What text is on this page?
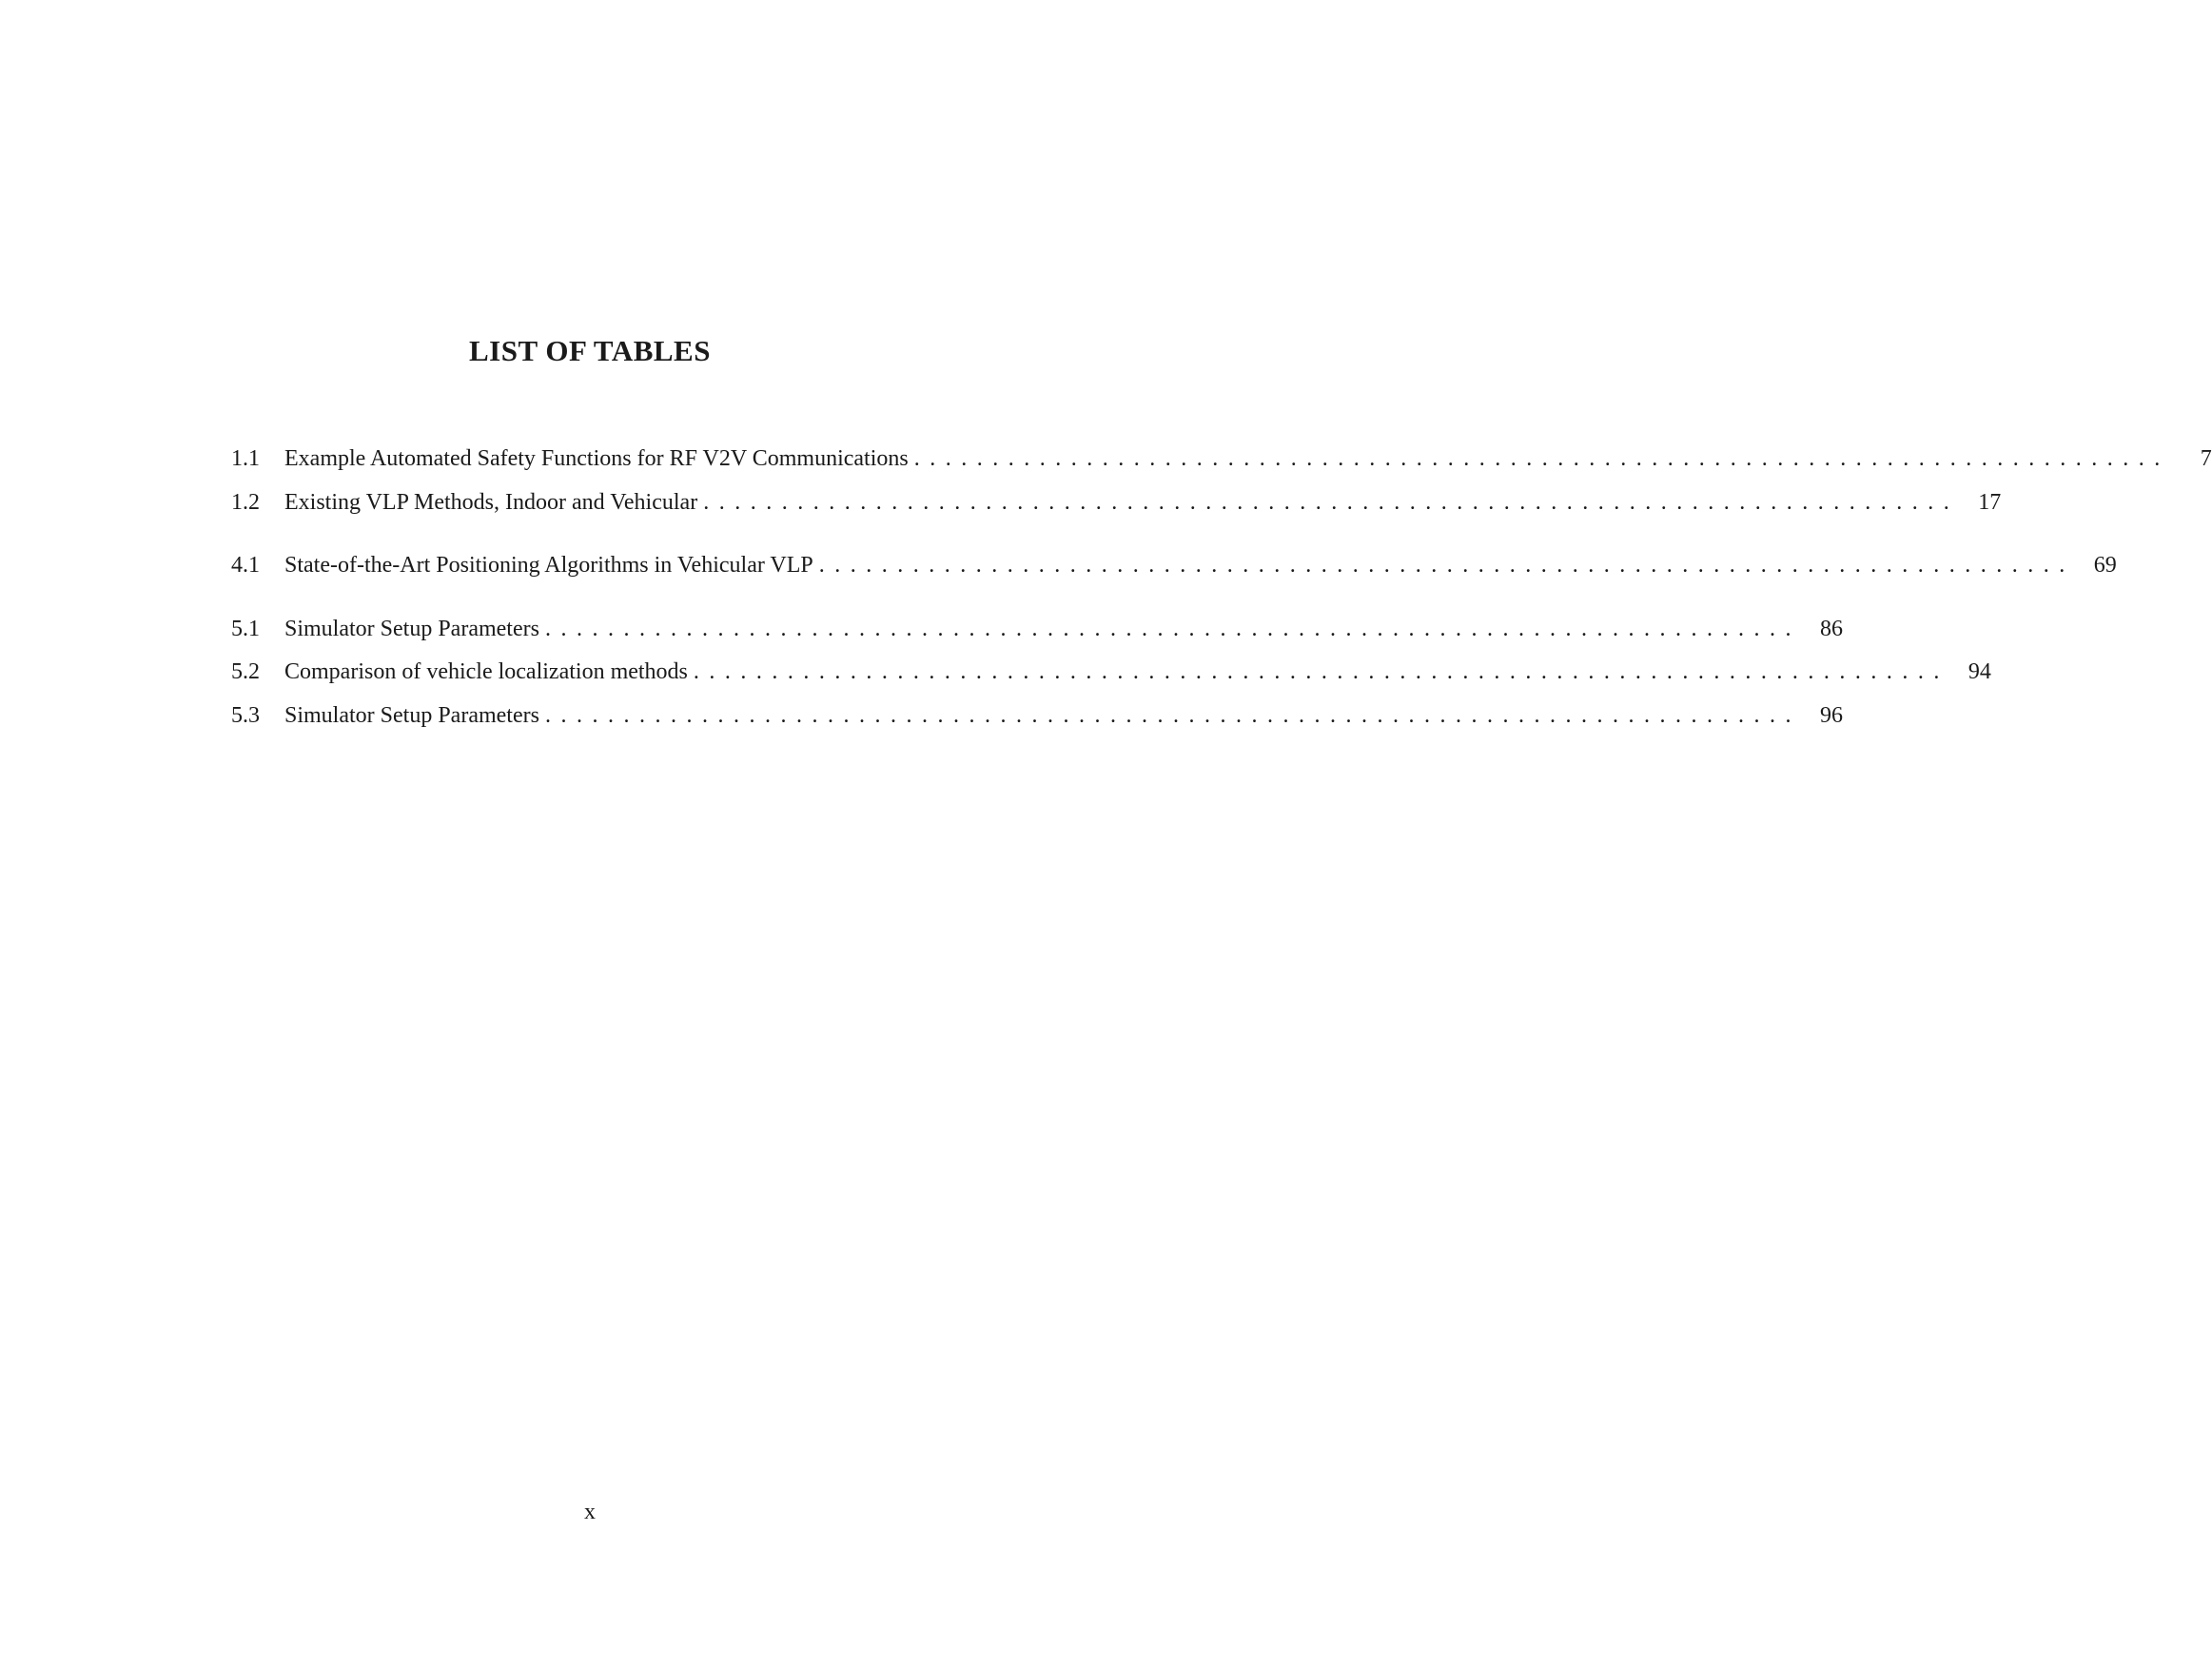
LIST OF TABLES
1.1	Example Automated Safety Functions for RF V2V Communications ................................................................................	7
1.2	Existing VLP Methods, Indoor and Vehicular ................................................................................ 17
4.1	State-of-the-Art Positioning Algorithms in Vehicular VLP ................................................................................ 69
5.1	Simulator Setup Parameters ................................................................................ 86
5.2	Comparison of vehicle localization methods ................................................................................ 94
5.3	Simulator Setup Parameters ................................................................................ 96
x
